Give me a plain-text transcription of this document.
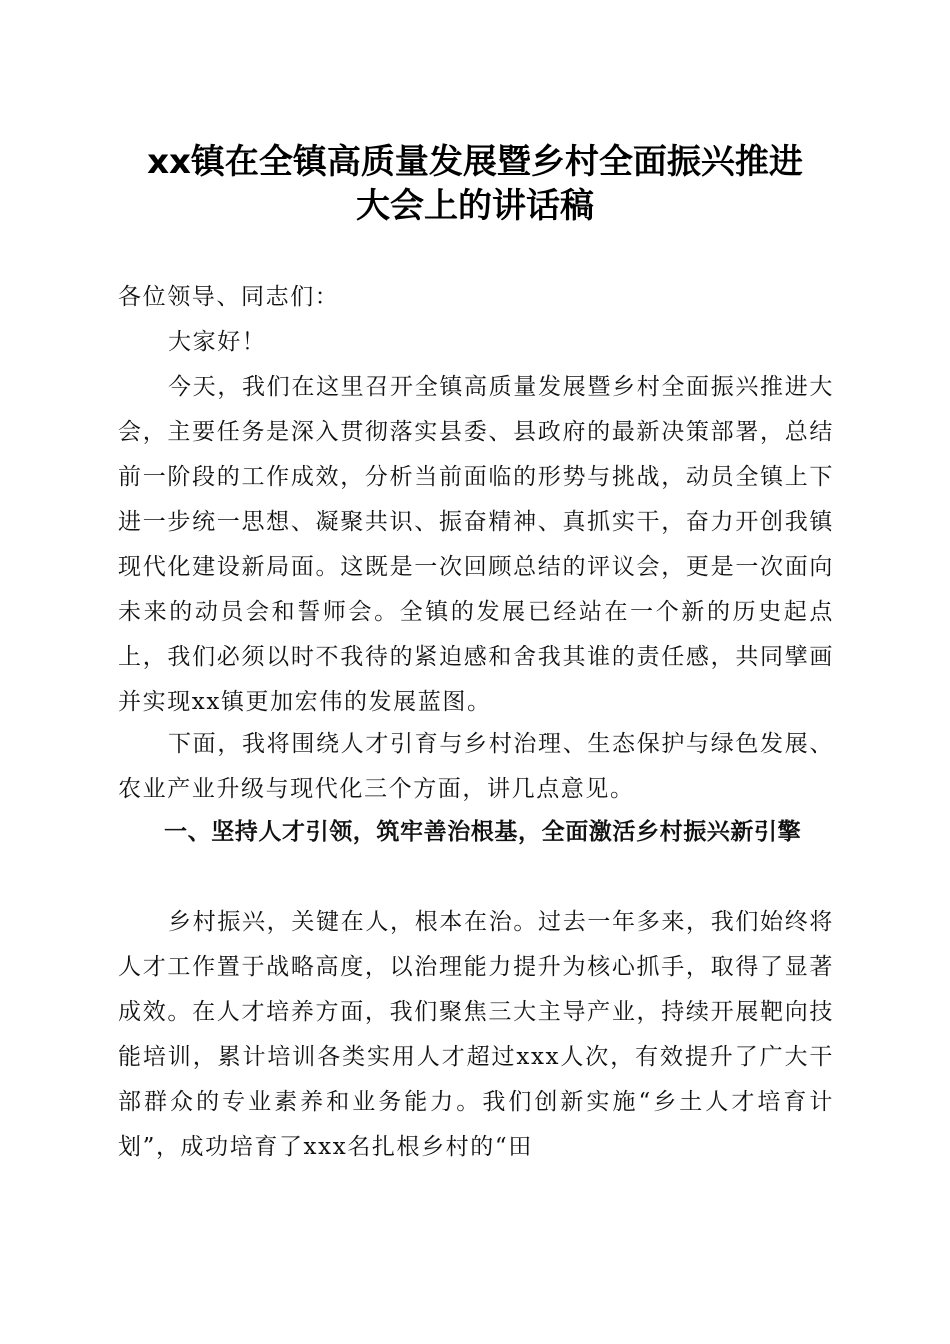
xx镇在全镇高质量发展暨乡村全面振兴推进
大会上的讲话稿

各位领导、同志们：

大家好！

今天，我们在这里召开全镇高质量发展暨乡村全面振兴推进大会，主要任务是深入贯彻落实县委、县政府的最新决策部署，总结前一阶段的工作成效，分析当前面临的形势与挑战，动员全镇上下进一步统一思想、凝聚共识、振奋精神、真抓实干，奋力开创我镇现代化建设新局面。这既是一次回顾总结的评议会，更是一次面向未来的动员会和誓师会。全镇的发展已经站在一个新的历史起点上，我们必须以时不我待的紧迫感和舍我其谁的责任感，共同擘画并实现xx镇更加宏伟的发展蓝图。

下面，我将围绕人才引育与乡村治理、生态保护与绿色发展、农业产业升级与现代化三个方面，讲几点意见。

一、坚持人才引领，筑牢善治根基，全面激活乡村振兴新引擎

乡村振兴，关键在人，根本在治。过去一年多来，我们始终将人才工作置于战略高度，以治理能力提升为核心抓手，取得了显著成效。在人才培养方面，我们聚焦三大主导产业，持续开展靶向技能培训，累计培训各类实用人才超过xxx人次，有效提升了广大干部群众的专业素养和业务能力。我们创新实施“乡土人才培育计划”，成功培育了xxx名扎根乡村的“田
